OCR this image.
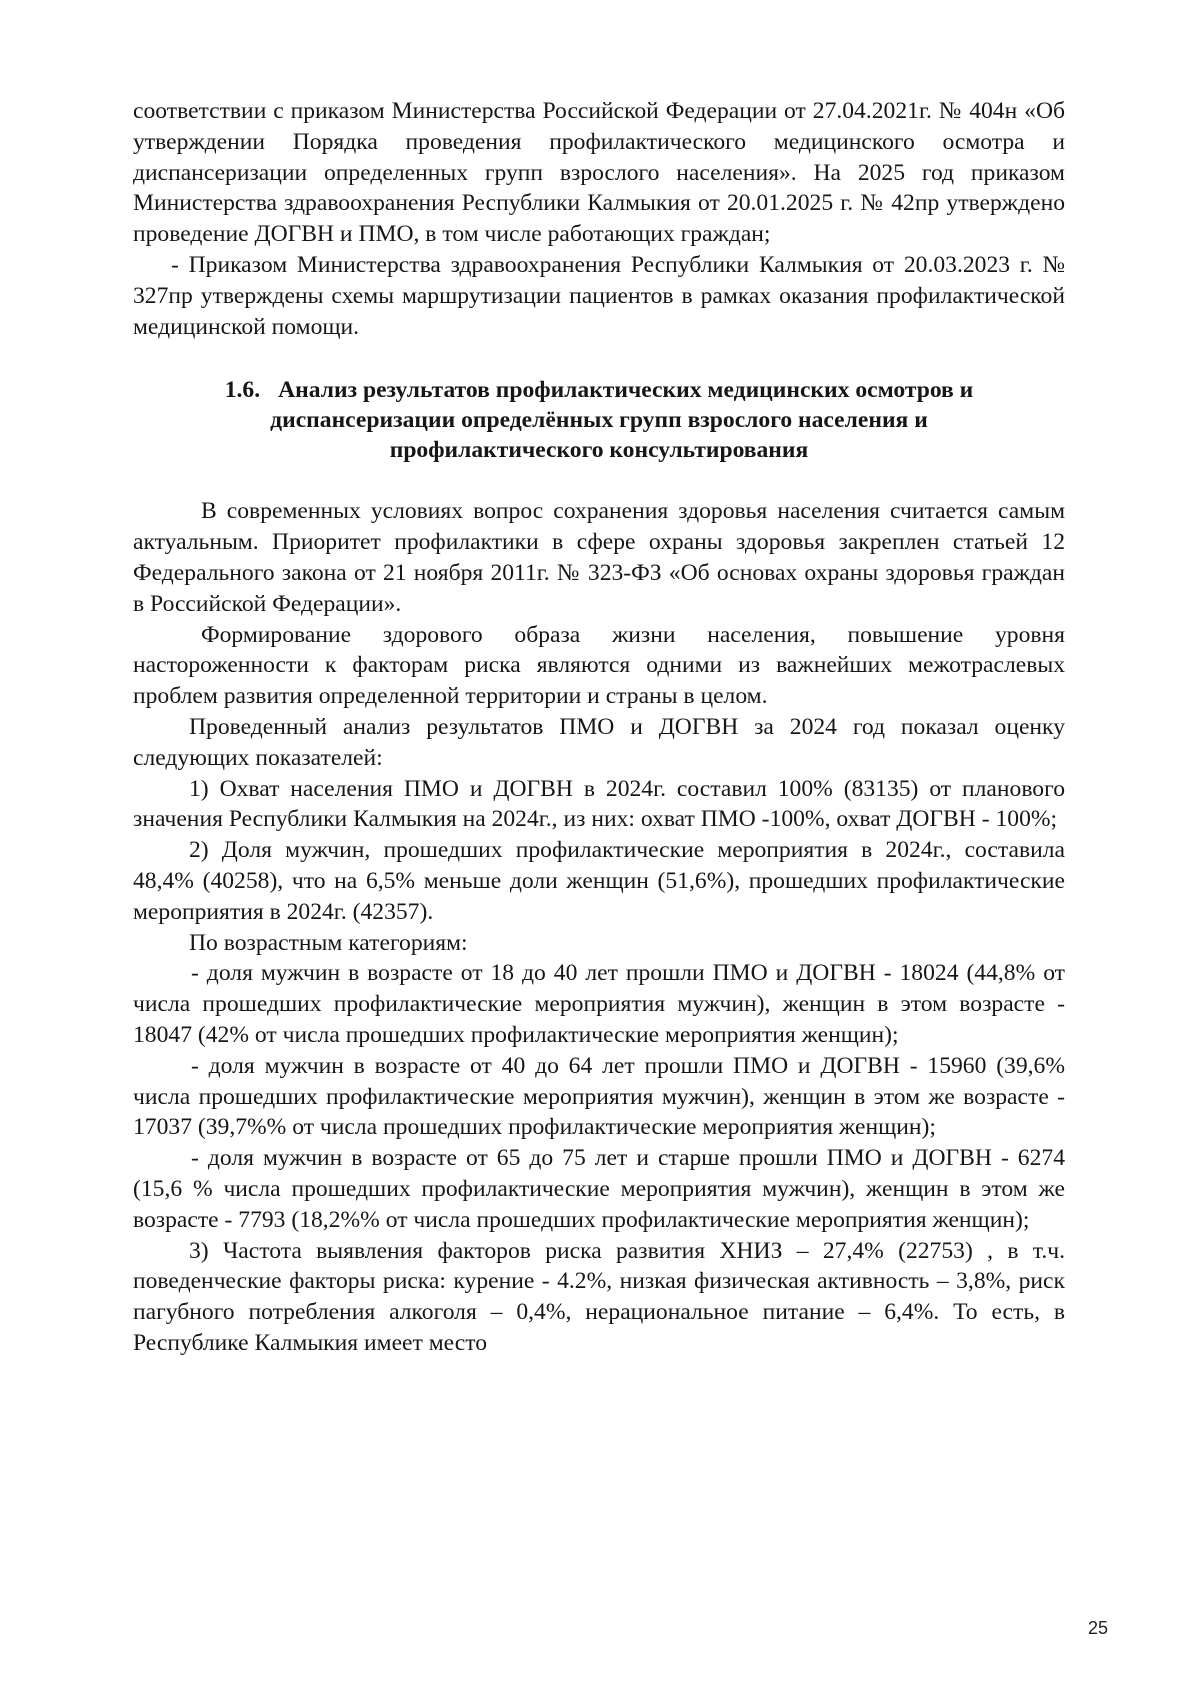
соответствии с приказом Министерства Российской Федерации от 27.04.2021г. № 404н «Об утверждении Порядка проведения профилактического медицинского осмотра и диспансеризации определенных групп взрослого населения». На 2025 год приказом Министерства здравоохранения Республики Калмыкия от 20.01.2025 г. № 42пр утверждено проведение ДОГВН и ПМО, в том числе работающих граждан;

- Приказом Министерства здравоохранения Республики Калмыкия от 20.03.2023 г. № 327пр утверждены схемы маршрутизации пациентов в рамках оказания профилактической медицинской помощи.

1.6. Анализ результатов профилактических медицинских осмотров и
диспансеризации определённых групп взрослого населения и
профилактического консультирования

В современных условиях вопрос сохранения здоровья населения считается самым актуальным. Приоритет профилактики в сфере охраны здоровья закреплен статьей 12 Федерального закона от 21 ноября 2011г. № 323-ФЗ «Об основах охраны здоровья граждан в Российской Федерации».

Формирование здорового образа жизни населения, повышение уровня настороженности к факторам риска являются одними из важнейших межотраслевых проблем развития определенной территории и страны в целом.

Проведенный анализ результатов ПМО и ДОГВН за 2024 год показал оценку следующих показателей:

1) Охват населения ПМО и ДОГВН в 2024г. составил 100% (83135) от планового значения Республики Калмыкия на 2024г., из них: охват ПМО -100%, охват ДОГВН - 100%;

2) Доля мужчин, прошедших профилактические мероприятия в 2024г., составила 48,4% (40258), что на 6,5% меньше доли женщин (51,6%), прошедших профилактические мероприятия в 2024г. (42357).

По возрастным категориям:

- доля мужчин в возрасте от 18 до 40 лет прошли ПМО и ДОГВН - 18024 (44,8% от числа прошедших профилактические мероприятия мужчин), женщин в этом возрасте - 18047 (42% от числа прошедших профилактические мероприятия женщин);

- доля мужчин в возрасте от 40 до 64 лет прошли ПМО и ДОГВН - 15960 (39,6% числа прошедших профилактические мероприятия мужчин), женщин в этом же возрасте - 17037 (39,7%% от числа прошедших профилактические мероприятия женщин);

- доля мужчин в возрасте от 65 до 75 лет и старше прошли ПМО и ДОГВН - 6274 (15,6 % числа прошедших профилактические мероприятия мужчин), женщин в этом же возрасте - 7793 (18,2%% от числа прошедших профилактические мероприятия женщин);

3) Частота выявления факторов риска развития ХНИЗ – 27,4% (22753) , в т.ч. поведенческие факторы риска: курение - 4.2%, низкая физическая активность – 3,8%, риск пагубного потребления алкоголя – 0,4%, нерациональное питание – 6,4%. То есть, в Республике Калмыкия имеет место

25
